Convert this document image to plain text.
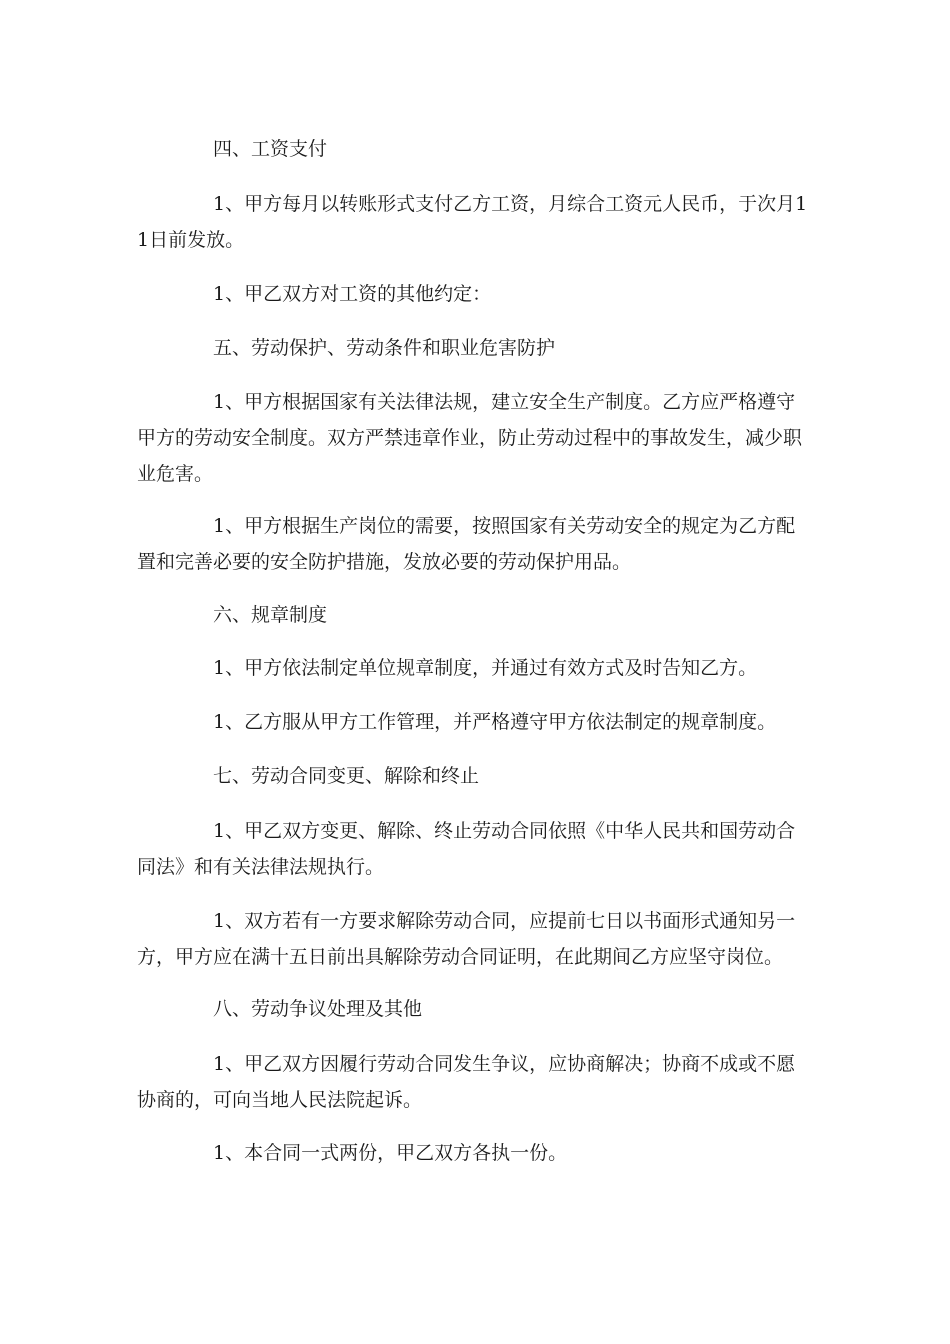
四、工资支付

1、甲方每月以转账形式支付乙方工资，月综合工资元人民币，于次月11日前发放。

1、甲乙双方对工资的其他约定：

五、劳动保护、劳动条件和职业危害防护

1、甲方根据国家有关法律法规，建立安全生产制度。乙方应严格遵守甲方的劳动安全制度。双方严禁违章作业，防止劳动过程中的事故发生，减少职业危害。

1、甲方根据生产岗位的需要，按照国家有关劳动安全的规定为乙方配置和完善必要的安全防护措施，发放必要的劳动保护用品。

六、规章制度

1、甲方依法制定单位规章制度，并通过有效方式及时告知乙方。

1、乙方服从甲方工作管理，并严格遵守甲方依法制定的规章制度。

七、劳动合同变更、解除和终止

1、甲乙双方变更、解除、终止劳动合同依照《中华人民共和国劳动合同法》和有关法律法规执行。

1、双方若有一方要求解除劳动合同，应提前七日以书面形式通知另一方，甲方应在满十五日前出具解除劳动合同证明，在此期间乙方应坚守岗位。

八、劳动争议处理及其他

1、甲乙双方因履行劳动合同发生争议，应协商解决；协商不成或不愿协商的，可向当地人民法院起诉。

1、本合同一式两份，甲乙双方各执一份。
